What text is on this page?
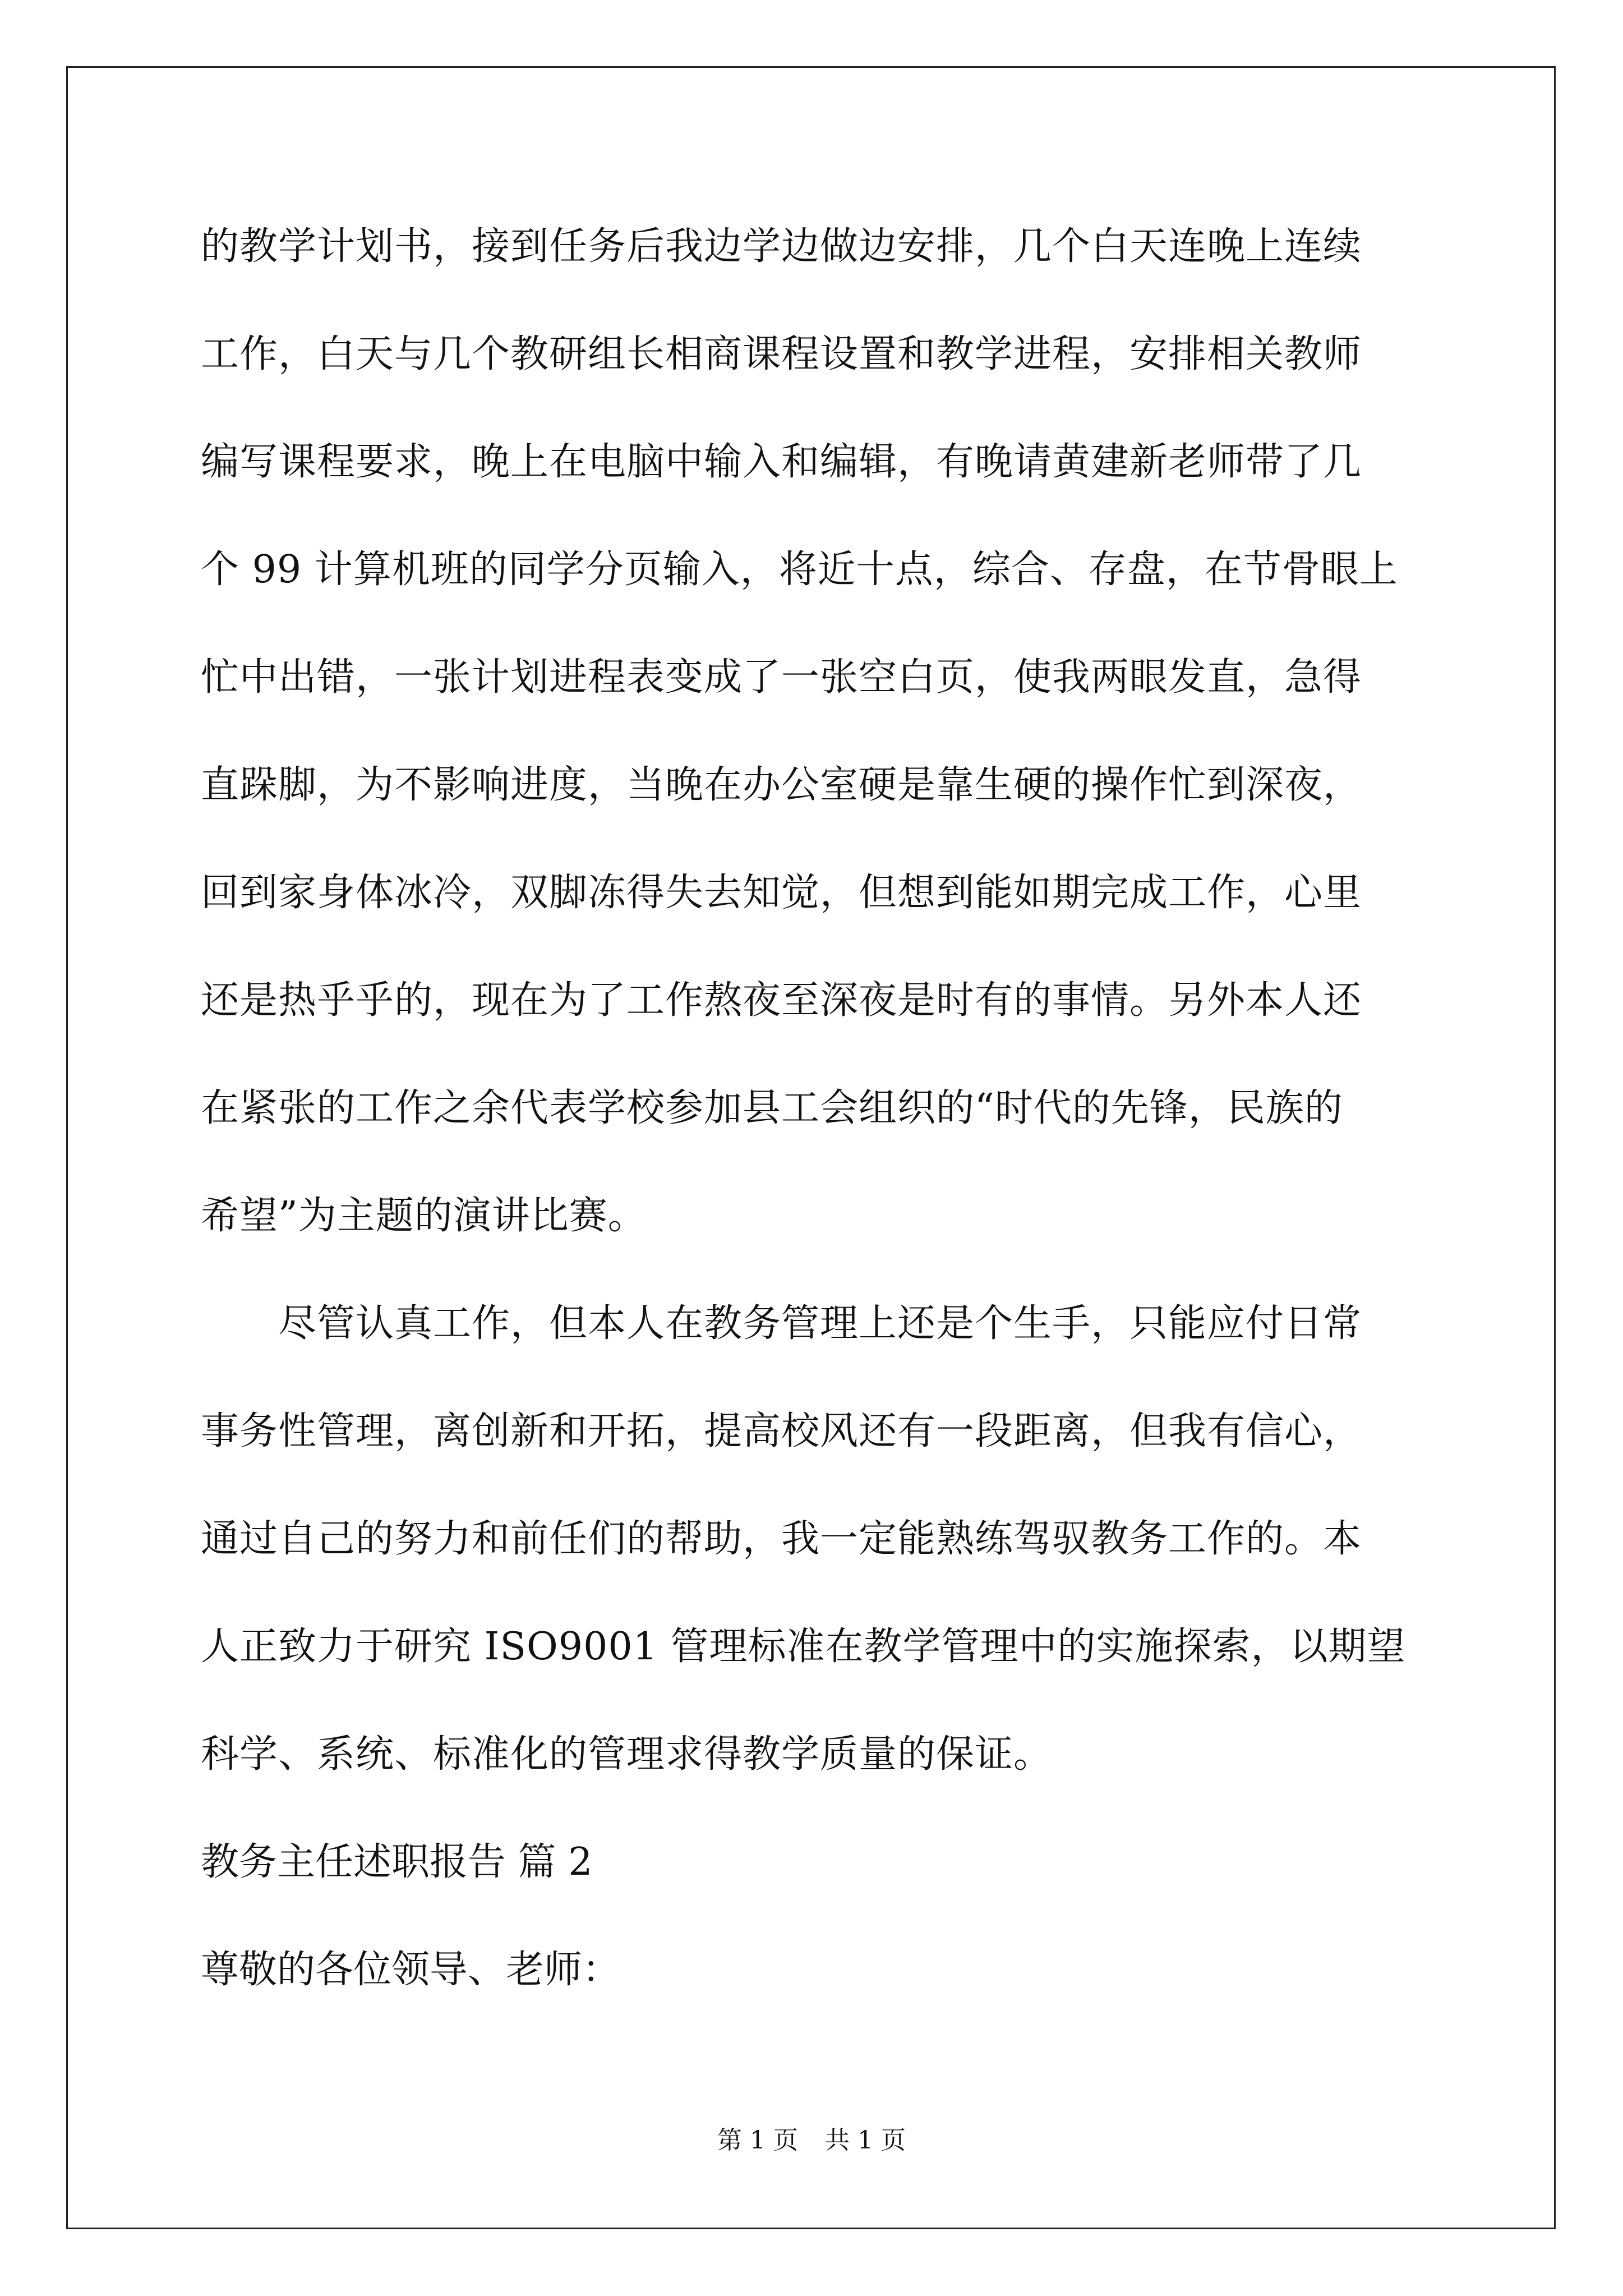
的教学计划书，接到任务后我边学边做边安排，几个白天连晚上连续
工作，白天与几个教研组长相商课程设置和教学进程，安排相关教师
编写课程要求，晚上在电脑中输入和编辑，有晚请黄建新老师带了几
个 99 计算机班的同学分页输入，将近十点，综合、存盘，在节骨眼上
忙中出错，一张计划进程表变成了一张空白页，使我两眼发直，急得
直跺脚，为不影响进度，当晚在办公室硬是靠生硬的操作忙到深夜，
回到家身体冰冷，双脚冻得失去知觉，但想到能如期完成工作，心里
还是热乎乎的，现在为了工作熬夜至深夜是时有的事情。另外本人还
在紧张的工作之余代表学校参加县工会组织的“时代的先锋，民族的
希望”为主题的演讲比赛。
尽管认真工作，但本人在教务管理上还是个生手，只能应付日常
事务性管理，离创新和开拓，提高校风还有一段距离，但我有信心，
通过自己的努力和前任们的帮助，我一定能熟练驾驭教务工作的。本
人正致力于研究 ISO9001 管理标准在教学管理中的实施探索，以期望
科学、系统、标准化的管理求得教学质量的保证。
教务主任述职报告 篇 2
尊敬的各位领导、老师：
第 1 页 共 1 页
